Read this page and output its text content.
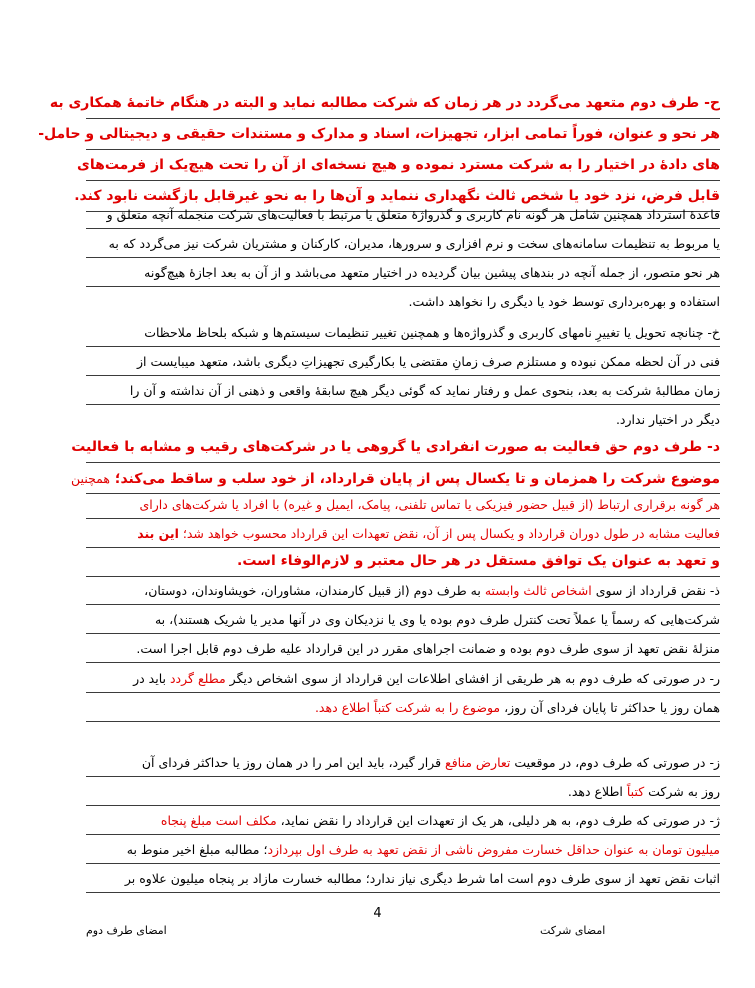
ح- طرف دوم متعهد می‌گردد در هر زمان که شرکت مطالبه نماید و البته در هنگام خاتمهٔ همکاری به
هر نحو و عنوان، فوراً تمامی ابزار، تجهیزات، اسناد و مدارک و مستندات حقیقی و دیجیتالی و حامل-
های دادهٔ در اختیار را به شرکت مسترد نموده و هیچ نسخه‌ای از آن را تحت هیچ‌یک از فرمت‌های
قابل فرض، نزد خود یا شخص ثالث نگهداری ننماید و آن‌ها را به نحو غیرقابل بازگشت نابود کند.
قاعدهٔ استرداد همچنین شامل هر گونه نام کاربری و گذرواژهٔ متعلق یا مرتبط با فعالیت‌های شرکت منجمله آنچه متعلق و
یا مربوط به تنظیمات سامانه‌های سخت و نرم افزاری و سرورها، مدیران، کارکنان و مشتریان شرکت نیز می‌گردد که به
هر نحو متصور، از جمله آنچه در بندهای پیشین بیان گردیده در اختیار متعهد می‌باشد و از آن به بعد اجازهٔ هیچ‌گونه
استفاده و بهره‌برداری توسط خود یا دیگری را نخواهد داشت.
خ- چنانچه تحویل یا تغییرِ نامهای کاربری و گذرواژه‌ها و همچنین تغییر تنظیمات سیستم‌ها و شبکه بلحاظ ملاحظات
فنی در آن لحظه ممکن نبوده و مستلزم صرف زمانِ مقتضی یا بکارگیری تجهیزاتِ دیگری باشد، متعهد میبایست از
زمان مطالبهٔ شرکت به بعد، بنحوی عمل و رفتار نماید که گوئی دیگر هیچ سابقهٔ واقعی و ذهنی از آن نداشته و آن را
دیگر در اختیار ندارد.
د- طرف دوم حق فعالیت به صورت انفرادی یا گروهی یا در شرکت‌های رقیب و مشابه با فعالیت
موضوع شرکت را همزمان و تا یکسال پس از پایان قرارداد، از خود سلب و ساقط می‌کند؛ همچنین
هر گونه برقراری ارتباط (از قبیل حضور فیزیکی یا تماس تلفنی، پیامک، ایمیل و غیره) با افراد یا شرکت‌های دارای
فعالیت مشابه در طول دوران قرارداد و یکسال پس از آن، نقض تعهدات این قرارداد محسوب خواهد شد؛ این بند
و تعهد به عنوان یک توافق مستقل در هر حال معتبر و لازم‌الوفاء است.
ذ- نقض قرارداد از سوی اشخاص ثالث وابسته به طرف دوم (از قبیل کارمندان، مشاوران، خویشاوندان، دوستان،
شرکت‌هایی که رسماً یا عملاً تحت کنترل طرف دوم بوده یا وی یا نزدیکان وی در آنها مدیر یا شریک هستند)، به
منزلهٔ نقض تعهد از سوی طرف دوم بوده و ضمانت اجراهای مقرر در این قرارداد علیه طرف دوم قابل اجرا است.
ر- در صورتی که طرف دوم به هر طریقی از افشای اطلاعات این قرارداد از سوی اشخاص دیگر مطلع گردد باید در
همان روز یا حداکثر تا پایان فردای آن روز، موضوع را به شرکت کتباً اطلاع دهد.
ز- در صورتی که طرف دوم، در موقعیت تعارض منافع قرار گیرد، باید این امر را در همان روز یا حداکثر فردای آن
روز به شرکت کتباً اطلاع دهد.
ژ- در صورتی که طرف دوم، به هر دلیلی، هر یک از تعهدات این قرارداد را نقض نماید، مکلف است مبلغ پنجاه
میلیون تومان به عنوان حداقل خسارت مفروض ناشی از نقض تعهد به طرف اول بپردازد؛ مطالبه مبلغ اخیر منوط به
اثبات نقض تعهد از سوی طرف دوم است اما شرط دیگری نیاز ندارد؛ مطالبه خسارت مازاد بر پنجاه میلیون علاوه بر
4
امضای شرکت
امضای طرف دوم
